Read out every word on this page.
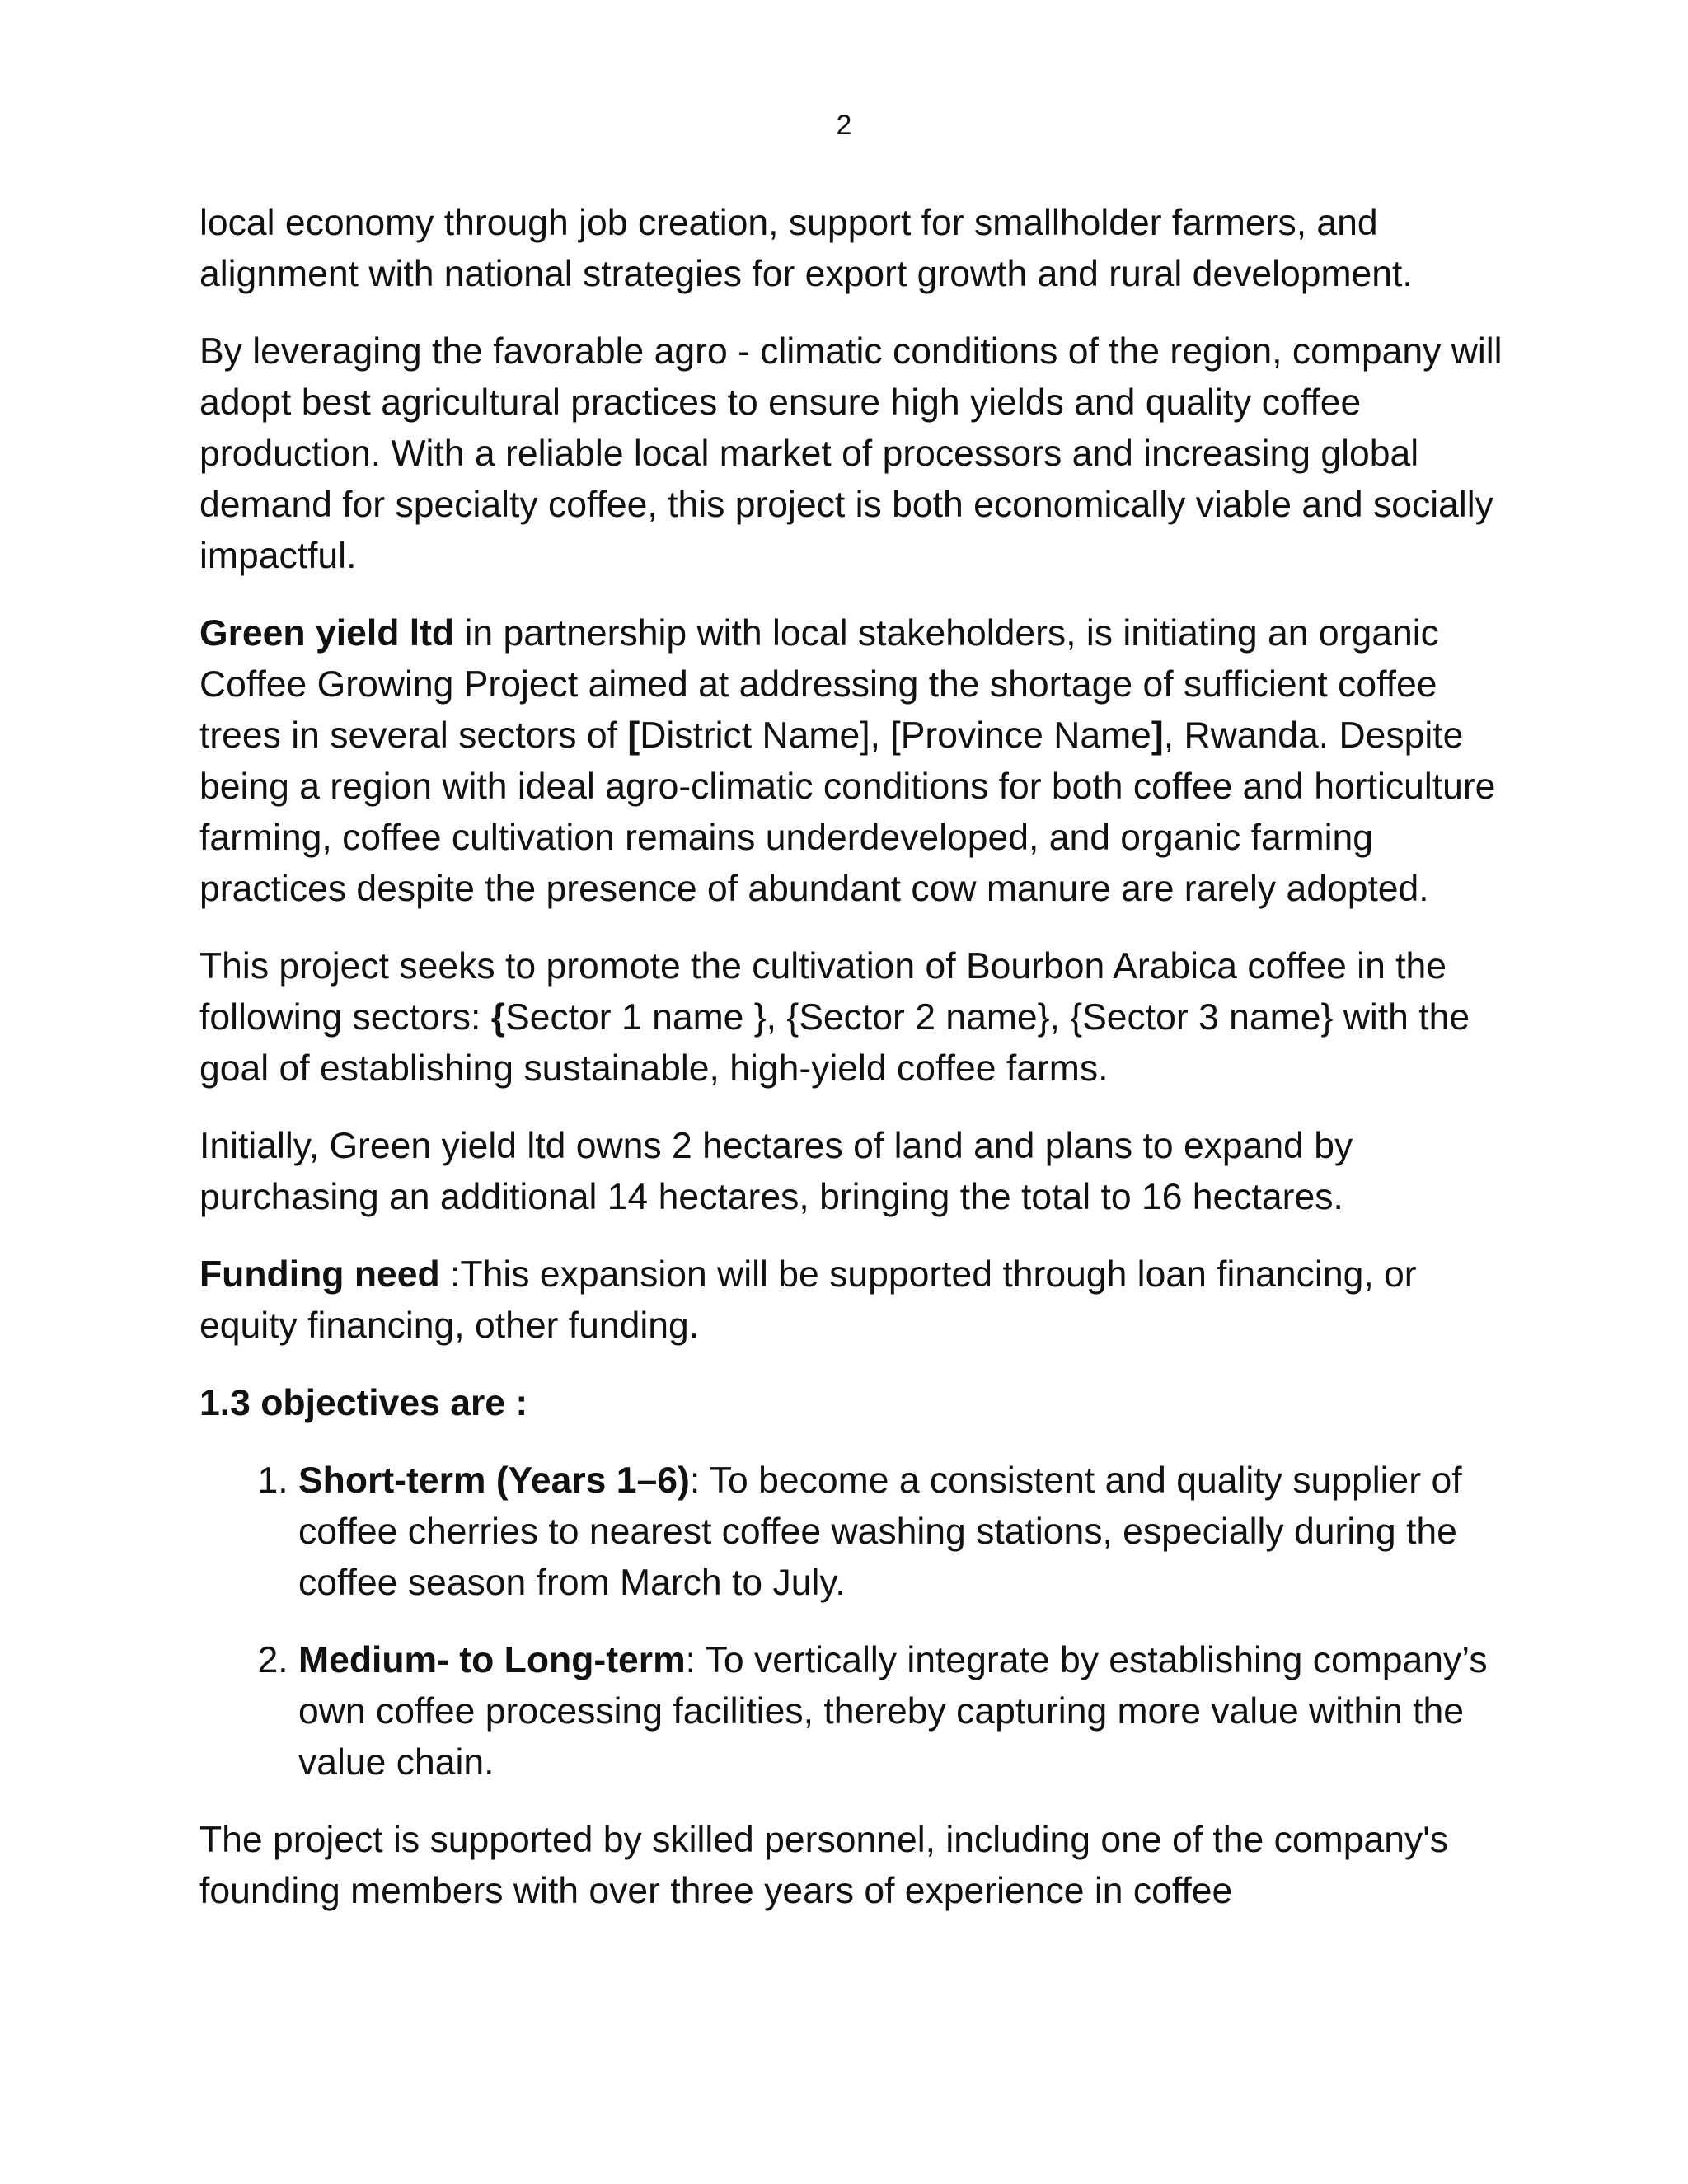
2

local economy through job creation, support for smallholder farmers, and alignment with national strategies for export growth and rural development.

By leveraging the favorable agro - climatic conditions of the region, company will adopt best agricultural practices to ensure high yields and quality coffee production. With a reliable local market of processors and increasing global demand for specialty coffee, this project is both economically viable and socially impactful.

Green yield ltd in partnership with local stakeholders, is initiating an organic Coffee Growing Project aimed at addressing the shortage of sufficient coffee trees in several sectors of [District Name], [Province Name], Rwanda. Despite being a region with ideal agro-climatic conditions for both coffee and horticulture farming, coffee cultivation remains underdeveloped, and organic farming practices despite the presence of abundant cow manure are rarely adopted.

This project seeks to promote the cultivation of Bourbon Arabica coffee in the following sectors: {Sector 1 name }, {Sector 2 name}, {Sector 3 name} with the goal of establishing sustainable, high-yield coffee farms.

Initially, Green yield ltd owns 2 hectares of land and plans to expand by purchasing an additional 14 hectares, bringing the total to 16 hectares.

Funding need :This expansion will be supported through loan financing, or equity financing, other funding.

1.3 objectives are :

1. Short-term (Years 1–6): To become a consistent and quality supplier of coffee cherries to nearest coffee washing stations, especially during the coffee season from March to July.
2. Medium- to Long-term: To vertically integrate by establishing company’s own coffee processing facilities, thereby capturing more value within the value chain.

The project is supported by skilled personnel, including one of the company's founding members with over three years of experience in coffee
